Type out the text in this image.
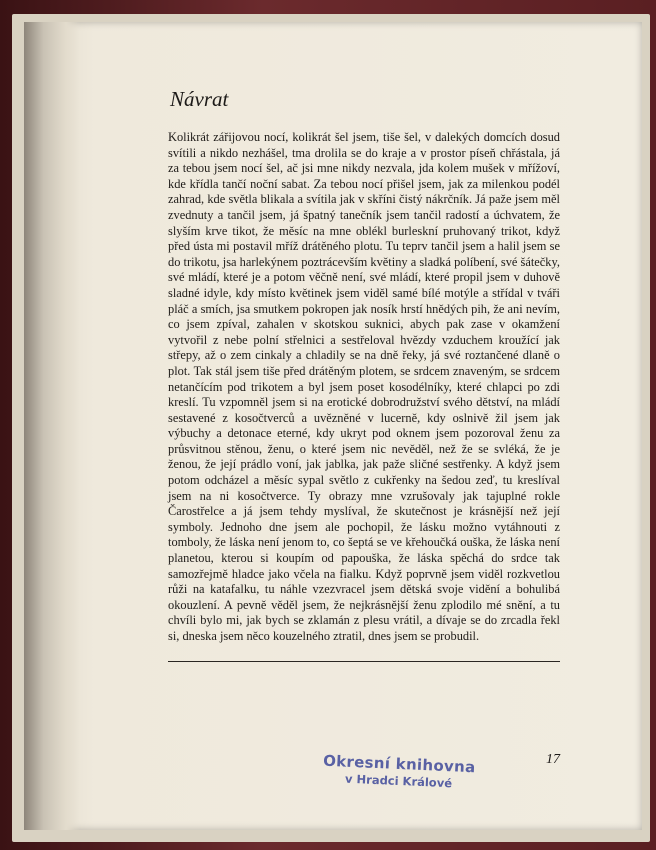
Návrat

Kolikrát zářijovou nocí, kolikrát šel jsem, tiše šel, v dalekých domcích dosud svítili a nikdo nezhášel, tma drolila se do kraje a v prostor píseň chřástala, já za tebou jsem nocí šel, ač jsi mne nikdy nezvala, jda kolem mušek v mřížoví, kde křídla tančí noční sabat. Za tebou nocí přišel jsem, jak za milenkou podél zahrad, kde světla blikala a svítila jak v skříni čistý nákrčník. Já paže jsem měl zvednuty a tančil jsem, já špatný tanečník jsem tančil radostí a úchvatem, že slyším krve tikot, že měsíc na mne oblékl burleskní pruhovaný trikot, když před ústa mi postavil mříž drátěného plotu. Tu teprv tančil jsem a halil jsem se do trikotu, jsa harlekýnem poztrácevším květiny a sladká políbení, své šátečky, své mládí, které je a potom věčně není, své mládí, které propil jsem v duhově sladné idyle, kdy místo květinek jsem viděl samé bílé motýle a střídal v tváři pláč a smích, jsa smutkem pokropen jak nosík hrstí hnědých pih, že ani nevím, co jsem zpíval, zahalen v skotskou suknici, abych pak zase v okamžení vytvořil z nebe polní střelnici a sestřeloval hvězdy vzduchem kroužící jak střepy, až o zem cinkaly a chladily se na dně řeky, já své roztančené dlaně o plot. Tak stál jsem tiše před drátěným plotem, se srdcem znaveným, se srdcem netančícím pod trikotem a byl jsem poset kosodélníky, které chlapci po zdi kreslí. Tu vzpomněl jsem si na erotické dobrodružství svého dětství, na mládí sestavené z kosočtverců a uvězněné v lucerně, kdy oslnivě žil jsem jak výbuchy a detonace eterné, kdy ukryt pod oknem jsem pozoroval ženu za průsvitnou stěnou, ženu, o které jsem nic nevěděl, než že se svléká, že je ženou, že její prádlo voní, jak jablka, jak paže sličné sestřenky. A když jsem potom odcházel a měsíc sypal světlo z cukřenky na šedou zeď, tu kreslíval jsem na ni kosočtverce. Ty obrazy mne vzrušovaly jak tajuplné rokle Čarostřelce a já jsem tehdy myslíval, že skutečnost je krásnější než její symboly. Jednoho dne jsem ale pochopil, že lásku možno vytáhnouti z tomboly, že láska není jenom to, co šeptá se ve křehoučká ouška, že láska není planetou, kterou si koupím od papouška, že láska spěchá do srdce tak samozřejmě hladce jako včela na fialku. Když poprvně jsem viděl rozkvetlou růži na katafalku, tu náhle vzezvracel jsem dětská svoje vidění a bohulibá okouzlení. A pevně věděl jsem, že nejkrásnější ženu zplodilo mé snění, a tu chvíli bylo mi, jak bych se zklamán z plesu vrátil, a dívaje se do zrcadla řekl si, dneska jsem něco kouzelného ztratil, dnes jsem se probudil.

Okresní knihovna
v Hradci Králové
17
